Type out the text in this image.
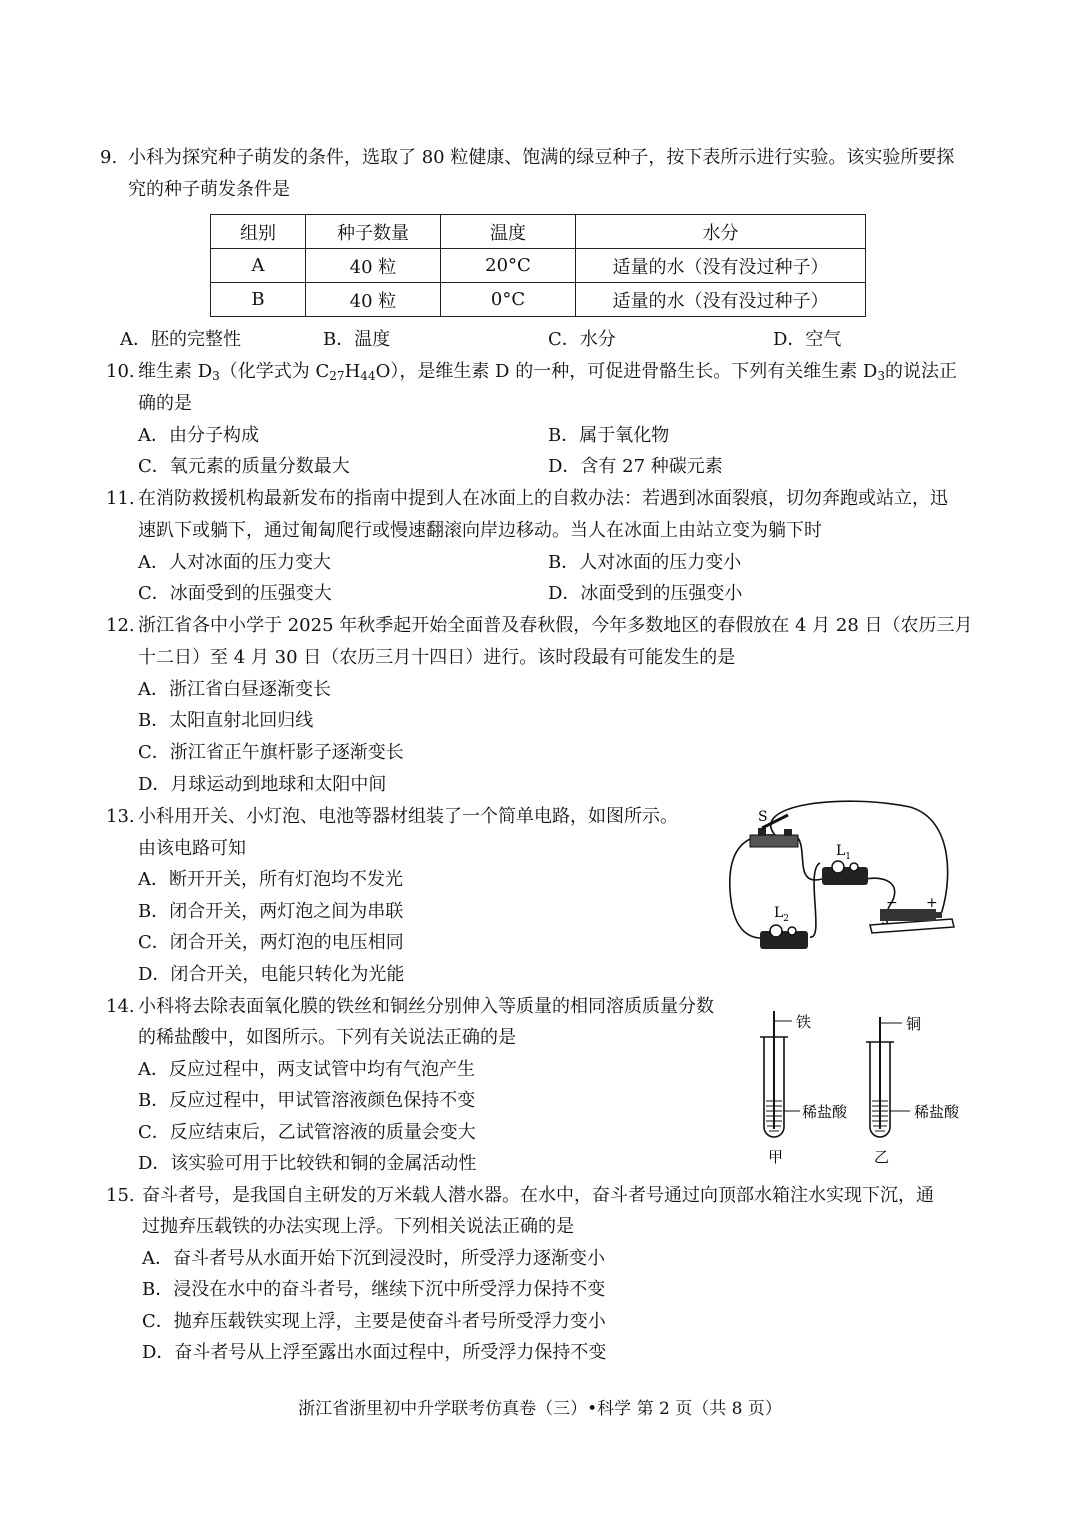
9. 小科为探究种子萌发的条件，选取了 80 粒健康、饱满的绿豆种子，按下表所示进行实验。该实验所要探
究的种子萌发条件是
组别	种子数量	温度	水分
A	40 粒	20°C	适量的水（没有没过种子）
B	40 粒	0°C	适量的水（没有没过种子）
A．胚的完整性	B．温度	C．水分	D．空气
10. 维生素 $D_3$（化学式为 $C_{27}H_{44}O$），是维生素 D 的一种，可促进骨骼生长。下列有关维生素 $D_3$的说法正
确的是
A．由分子构成	B．属于氧化物
C．氧元素的质量分数最大	D．含有 27 种碳元素
11. 在消防救援机构最新发布的指南中提到人在冰面上的自救办法：若遇到冰面裂痕，切勿奔跑或站立，迅
速趴下或躺下，通过匍匐爬行或慢速翻滚向岸边移动。当人在冰面上由站立变为躺下时
A．人对冰面的压力变大	B．人对冰面的压力变小
C．冰面受到的压强变大	D．冰面受到的压强变小
12. 浙江省各中小学于 2025 年秋季起开始全面普及春秋假，今年多数地区的春假放在 4 月 28 日（农历三月
十二日）至 4 月 30 日（农历三月十四日）进行。该时段最有可能发生的是
A．浙江省白昼逐渐变长
B．太阳直射北回归线
C．浙江省正午旗杆影子逐渐变长
D．月球运动到地球和太阳中间
13. 小科用开关、小灯泡、电池等器材组装了一个简单电路，如图所示。
由该电路可知
A．断开开关，所有灯泡均不发光
B．闭合开关，两灯泡之间为串联
C．闭合开关，两灯泡的电压相同
D．闭合开关，电能只转化为光能
S
$L_1$
$L_2$
− +
14. 小科将去除表面氧化膜的铁丝和铜丝分别伸入等质量的相同溶质质量分数
的稀盐酸中，如图所示。下列有关说法正确的是
A．反应过程中，两支试管中均有气泡产生
B．反应过程中，甲试管溶液颜色保持不变
C．反应结束后，乙试管溶液的质量会变大
D．该实验可用于比较铁和铜的金属活动性
铁	铜
稀盐酸	稀盐酸
甲	乙
15. 奋斗者号，是我国自主研发的万米载人潜水器。在水中，奋斗者号通过向顶部水箱注水实现下沉，通
过抛弃压载铁的办法实现上浮。下列相关说法正确的是
A．奋斗者号从水面开始下沉到浸没时，所受浮力逐渐变小
B．浸没在水中的奋斗者号，继续下沉中所受浮力保持不变
C．抛弃压载铁实现上浮，主要是使奋斗者号所受浮力变小
D．奋斗者号从上浮至露出水面过程中，所受浮力保持不变
浙江省浙里初中升学联考仿真卷（三）•科学 第 2 页（共 8 页）
